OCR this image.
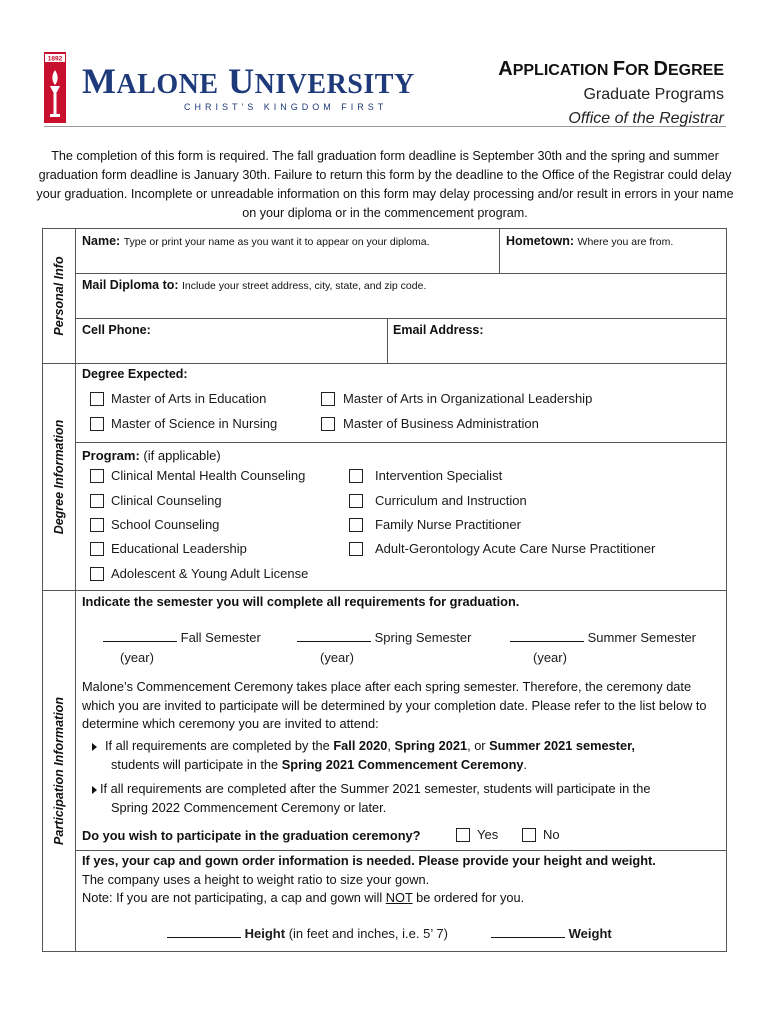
1892
MALONE UNIVERSITY
CHRIST'S KINGDOM FIRST
APPLICATION FOR DEGREE
Graduate Programs
Office of the Registrar
The completion of this form is required. The fall graduation form deadline is September 30th and the spring and summer graduation form deadline is January 30th. Failure to return this form by the deadline to the Office of the Registrar could delay your graduation. Incomplete or unreadable information on this form may delay processing and/or result in errors in your name on your diploma or in the commencement program.
Personal Info
Degree Information
Participation Information
Name: Type or print your name as you want it to appear on your diploma.	Hometown: Where you are from.
Mail Diploma to: Include your street address, city, state, and zip code.
Cell Phone:	Email Address:
Degree Expected:
Master of Arts in Education	Master of Arts in Organizational Leadership
Master of Science in Nursing	Master of Business Administration
Program: (if applicable)
Clinical Mental Health Counseling	Intervention Specialist
Clinical Counseling	Curriculum and Instruction
School Counseling	Family Nurse Practitioner
Educational Leadership	Adult-Gerontology Acute Care Nurse Practitioner
Adolescent & Young Adult License
Indicate the semester you will complete all requirements for graduation.
Fall Semester
(year)
Spring Semester
(year)
Summer Semester
(year)
Malone’s Commencement Ceremony takes place after each spring semester. Therefore, the ceremony date which you are invited to participate will be determined by your completion date. Please refer to the list below to determine which ceremony you are invited to attend:
If all requirements are completed by the Fall 2020, Spring 2021, or Summer 2021 semester,
students will participate in the Spring 2021 Commencement Ceremony.
If all requirements are completed after the Summer 2021 semester, students will participate in the
Spring 2022 Commencement Ceremony or later.
Do you wish to participate in the graduation ceremony?	Yes	No
If yes, your cap and gown order information is needed. Please provide your height and weight.
The company uses a height to weight ratio to size your gown.
Note: If you are not participating, a cap and gown will NOT be ordered for you.
Height (in feet and inches, i.e. 5’ 7)	Weight
